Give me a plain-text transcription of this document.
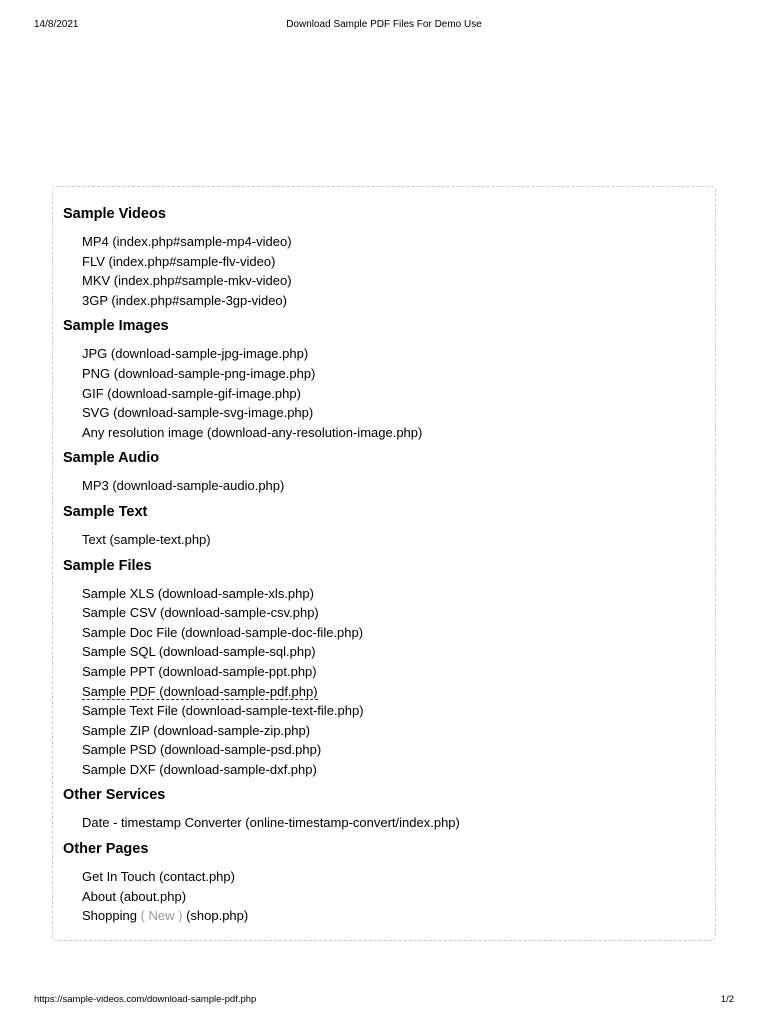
14/8/2021	Download Sample PDF Files For Demo Use
Sample Videos
MP4 (index.php#sample-mp4-video)
FLV (index.php#sample-flv-video)
MKV (index.php#sample-mkv-video)
3GP (index.php#sample-3gp-video)
Sample Images
JPG (download-sample-jpg-image.php)
PNG (download-sample-png-image.php)
GIF (download-sample-gif-image.php)
SVG (download-sample-svg-image.php)
Any resolution image (download-any-resolution-image.php)
Sample Audio
MP3 (download-sample-audio.php)
Sample Text
Text (sample-text.php)
Sample Files
Sample XLS (download-sample-xls.php)
Sample CSV (download-sample-csv.php)
Sample Doc File (download-sample-doc-file.php)
Sample SQL (download-sample-sql.php)
Sample PPT (download-sample-ppt.php)
Sample PDF (download-sample-pdf.php)
Sample Text File (download-sample-text-file.php)
Sample ZIP (download-sample-zip.php)
Sample PSD (download-sample-psd.php)
Sample DXF (download-sample-dxf.php)
Other Services
Date - timestamp Converter (online-timestamp-convert/index.php)
Other Pages
Get In Touch (contact.php)
About (about.php)
Shopping ( New ) (shop.php)
https://sample-videos.com/download-sample-pdf.php	1/2
